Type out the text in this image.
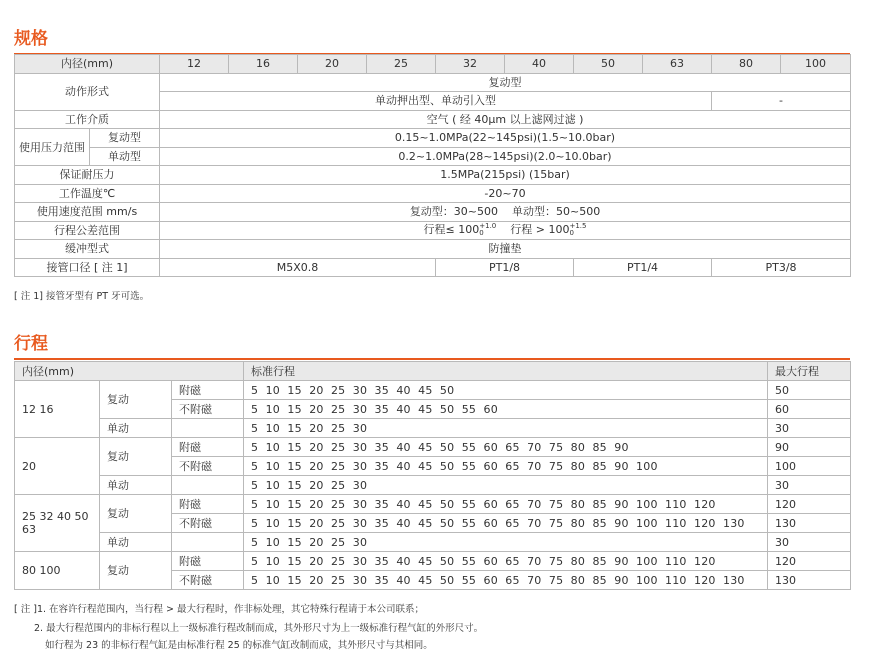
规格
内径(mm)		12	16	20	25	32	40	50	63	80	100
动作形式		复动型									
		单动押出型、单动引入型								-	
工作介质		空气 ( 经 40μm 以上滤网过滤 )									
使用压力范围	复动型	0.15~1.0MPa(22~145psi)(1.5~10.0bar)									
	单动型	0.2~1.0MPa(28~145psi)(2.0~10.0bar)									
保证耐压力		1.5MPa(215psi) (15bar)									
工作温度℃		-20~70									
使用速度范围 mm/s		复动型：30~500    单动型：50~500									
行程公差范围		行程≤ $100^{+1.0 0}$ 行程 > $100^{+1.5 0}$
缓冲型式		防撞垫									
接管口径 [ 注 1]		M5X0.8				PT1/8		PT1/4		PT3/8	
[ 注 1] 接管牙型有 PT 牙可选。
行程
内径(mm)			标准行程	最大行程
12 16	复动	附磁	5  10  15  20  25  30  35  40  45  50	50
		不附磁	5  10  15  20  25  30  35  40  45  50  55  60	60
	单动		5  10  15  20  25  30	30
20	复动	附磁	5  10  15  20  25  30  35  40  45  50  55  60  65  70  75  80  85  90	90
		不附磁	5  10  15  20  25  30  35  40  45  50  55  60  65  70  75  80  85  90  100	100
	单动		5  10  15  20  25  30	30
25 32 40 50 63	复动	附磁	5  10  15  20  25  30  35  40  45  50  55  60  65  70  75  80  85  90  100  110  120	120
		不附磁	5  10  15  20  25  30  35  40  45  50  55  60  65  70  75  80  85  90  100  110  120  130	130
	单动		5  10  15  20  25  30	30
80 100	复动	附磁	5  10  15  20  25  30  35  40  45  50  55  60  65  70  75  80  85  90  100  110  120	120
		不附磁	5  10  15  20  25  30  35  40  45  50  55  60  65  70  75  80  85  90  100  110  120  130	130
[ 注 ]1. 在容许行程范围内，当行程 > 最大行程时，作非标处理，其它特殊行程请于本公司联系；
2. 最大行程范围内的非标行程以上一级标准行程改制而成，其外形尺寸为上一级标准行程气缸的外形尺寸。
如行程为 23 的非标行程气缸是由标准行程 25 的标准气缸改制而成，其外形尺寸与其相同。
